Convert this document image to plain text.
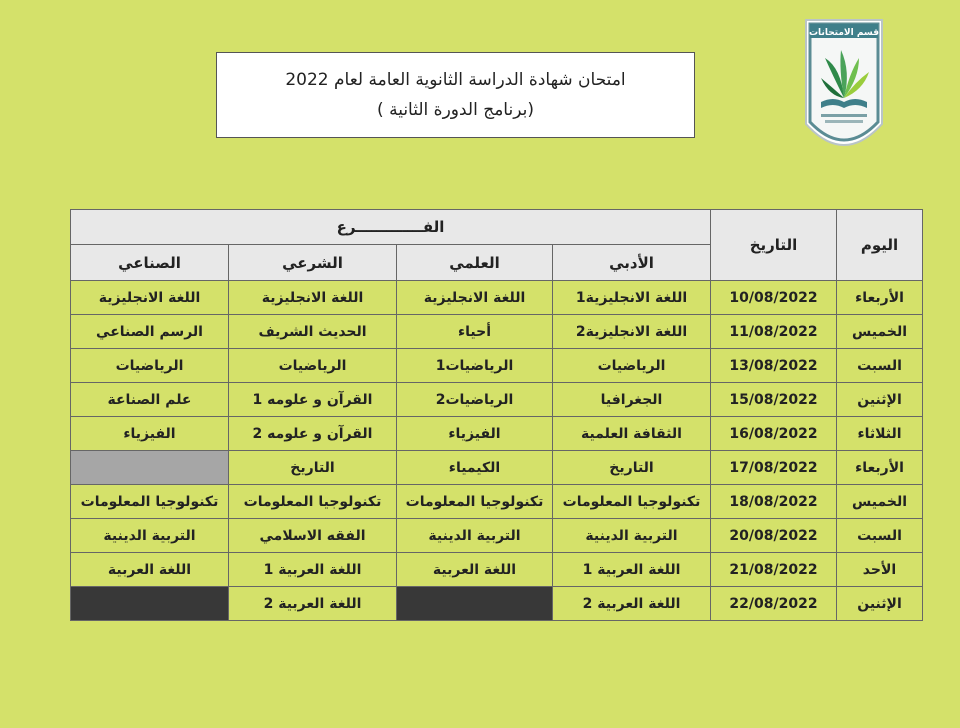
امتحان شهادة الدراسة الثانوية العامة لعام 2022
(برنامج الدورة الثانية )
قسم الامتحانات
اليوم	التاريخ	الفـــــــــــــرع			
		الأدبي	العلمي	الشرعي	الصناعي
الأربعاء	10/08/2022	اللغة الانجليزية1	اللغة الانجليزية	اللغة الانجليزية	اللغة الانجليزية
الخميس	11/08/2022	اللغة الانجليزية2	أحياء	الحديث الشريف	الرسم الصناعي
السبت	13/08/2022	الرياضيات	الرياضيات1	الرياضيات	الرياضيات
الإثنين	15/08/2022	الجغرافيا	الرياضيات2	القرآن و علومه 1	علم الصناعة
الثلاثاء	16/08/2022	الثقافة العلمية	الفيزياء	القرآن و علومه 2	الفيزياء
الأربعاء	17/08/2022	التاريخ	الكيمياء	التاريخ	
الخميس	18/08/2022	تكنولوجيا المعلومات	تكنولوجيا المعلومات	تكنولوجيا المعلومات	تكنولوجيا المعلومات
السبت	20/08/2022	التربية الدينية	التربية الدينية	الفقه الاسلامي	التربية الدينية
الأحد	21/08/2022	اللغة العربية 1	اللغة العربية	اللغة العربية 1	اللغة العربية
الإثنين	22/08/2022	اللغة العربية 2		اللغة العربية 2	
